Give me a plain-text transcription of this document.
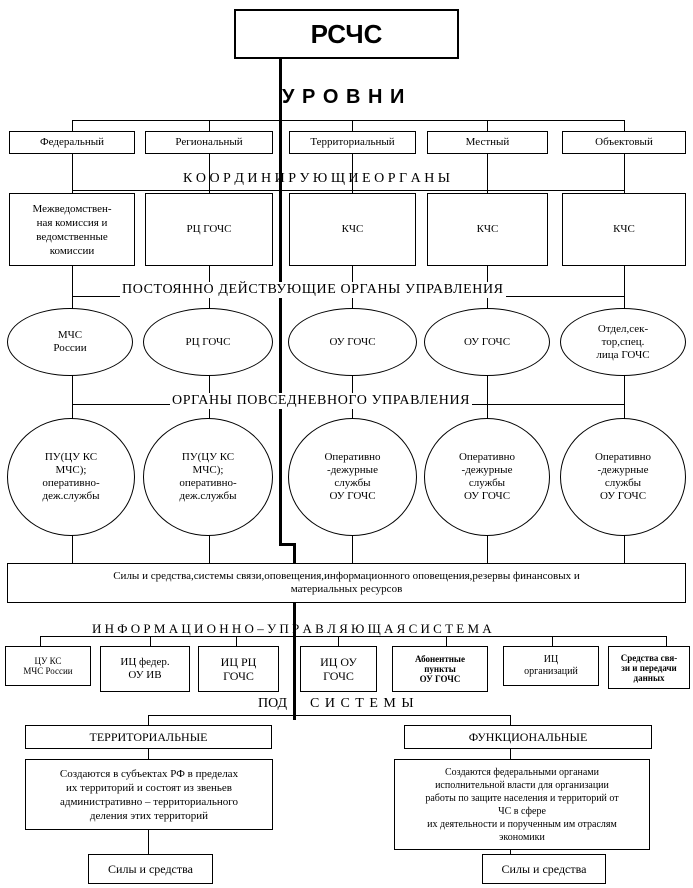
РСЧС
У Р О В Н И
К О О Р Д И Н И Р У Ю Щ И Е О Р Г А Н Ы
ПОСТОЯННО ДЕЙСТВУЮЩИЕ ОРГАНЫ УПРАВЛЕНИЯ
ОРГАНЫ ПОВСЕДНЕВНОГО УПРАВЛЕНИЯ
И Н Ф О Р М А Ц И О Н Н О – У П Р А В Л Я Ю Щ А Я С И С Т Е М А
ПОД С И С Т Е М Ы
Федеральный	Региональный	Территориальный	Местный	Объектовый
Межведомствен-
ная комиссия и
ведомственные
комиссии
РЦ ГОЧС	КЧС	КЧС	КЧС
МЧС
России
РЦ ГОЧС	ОУ ГОЧС	ОУ ГОЧС
Отдел,сек-
тор,спец.
лица ГОЧС
ПУ(ЦУ КС
МЧС);
оперативно-
деж.службы
ПУ(ЦУ КС
МЧС);
оперативно-
деж.службы
Оперативно
-дежурные
службы
ОУ ГОЧС
Оперативно
-дежурные
службы
ОУ ГОЧС
Оперативно
-дежурные
службы
ОУ ГОЧС
Силы и средства,системы связи,оповещения,информационного оповещения,резервы финансовых и
материальных ресурсов
ЦУ КС
МЧС России
ИЦ федер.
ОУ ИВ
ИЦ РЦ
ГОЧС
ИЦ ОУ
ГОЧС
Абонентные
пункты
ОУ ГОЧС
ИЦ
организаций
Средства свя-
зи и передачи
данных
ТЕРРИТОРИАЛЬНЫЕ	ФУНКЦИОНАЛЬНЫЕ
Создаются в субъектах РФ в пределах
их территорий и состоят из звеньев
административно – территориального
деления этих территорий
Создаются федеральными органами
исполнительной власти для организации
работы по защите населения и территорий от
ЧС в сфере
их деятельности и порученным им отраслям
экономики
Силы и средства	Силы и средства
